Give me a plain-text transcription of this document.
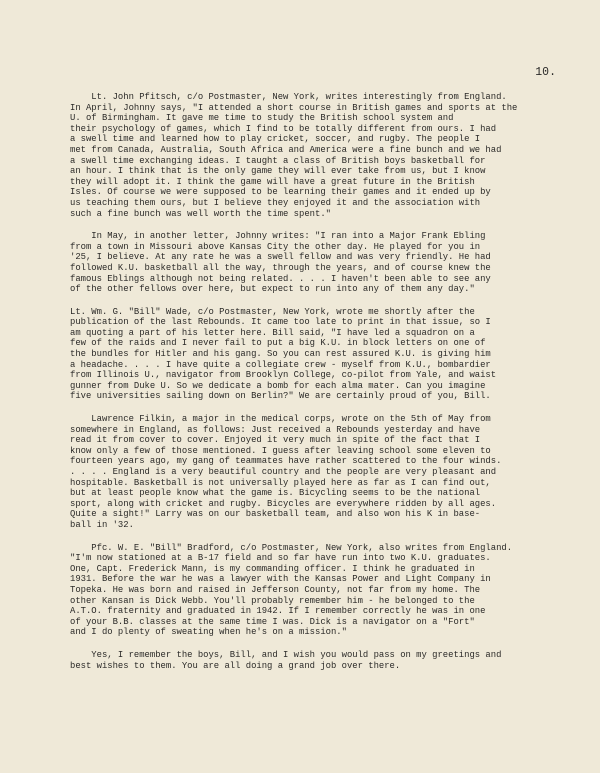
10.
Lt. John Pfitsch, c/o Postmaster, New York, writes interestingly from England.
In April, Johnny says, "I attended a short course in British games and sports at the
U. of Birmingham. It gave me time to study the British school system and
their psychology of games, which I find to be totally different from ours. I had
a swell time and learned how to play cricket, soccer, and rugby. The people I
met from Canada, Australia, South Africa and America were a fine bunch and we had
a swell time exchanging ideas. I taught a class of British boys basketball for
an hour. I think that is the only game they will ever take from us, but I know
they will adopt it. I think the game will have a great future in the British
Isles. Of course we were supposed to be learning their games and it ended up by
us teaching them ours, but I believe they enjoyed it and the association with
such a fine bunch was well worth the time spent."
In May, in another letter, Johnny writes: "I ran into a Major Frank Ebling
from a town in Missouri above Kansas City the other day. He played for you in
'25, I believe. At any rate he was a swell fellow and was very friendly. He had
followed K.U. basketball all the way, through the years, and of course knew the
famous Eblings although not being related. . . . I haven't been able to see any
of the other fellows over here, but expect to run into any of them any day."
Lt. Wm. G. "Bill" Wade, c/o Postmaster, New York, wrote me shortly after the
publication of the last Rebounds. It came too late to print in that issue, so I
am quoting a part of his letter here. Bill said, "I have led a squadron on a
few of the raids and I never fail to put a big K.U. in block letters on one of
the bundles for Hitler and his gang. So you can rest assured K.U. is giving him
a headache. . . . I have quite a collegiate crew - myself from K.U., bombardier
from Illinois U., navigator from Brooklyn College, co-pilot from Yale, and waist
gunner from Duke U. So we dedicate a bomb for each alma mater. Can you imagine
five universities sailing down on Berlin?" We are certainly proud of you, Bill.
Lawrence Filkin, a major in the medical corps, wrote on the 5th of May from
somewhere in England, as follows: Just received a Rebounds yesterday and have
read it from cover to cover. Enjoyed it very much in spite of the fact that I
know only a few of those mentioned. I guess after leaving school some eleven to
fourteen years ago, my gang of teammates have rather scattered to the four winds.
. . . . England is a very beautiful country and the people are very pleasant and
hospitable. Basketball is not universally played here as far as I can find out,
but at least people know what the game is. Bicycling seems to be the national
sport, along with cricket and rugby. Bicycles are everywhere ridden by all ages.
Quite a sight!" Larry was on our basketball team, and also won his K in base-
ball in '32.
Pfc. W. E. "Bill" Bradford, c/o Postmaster, New York, also writes from England.
"I'm now stationed at a B-17 field and so far have run into two K.U. graduates.
One, Capt. Frederick Mann, is my commanding officer. I think he graduated in
1931. Before the war he was a lawyer with the Kansas Power and Light Company in
Topeka. He was born and raised in Jefferson County, not far from my home. The
other Kansan is Dick Webb. You'll probably remember him - he belonged to the
A.T.O. fraternity and graduated in 1942. If I remember correctly he was in one
of your B.B. classes at the same time I was. Dick is a navigator on a "Fort"
and I do plenty of sweating when he's on a mission."
Yes, I remember the boys, Bill, and I wish you would pass on my greetings and
best wishes to them. You are all doing a grand job over there.
